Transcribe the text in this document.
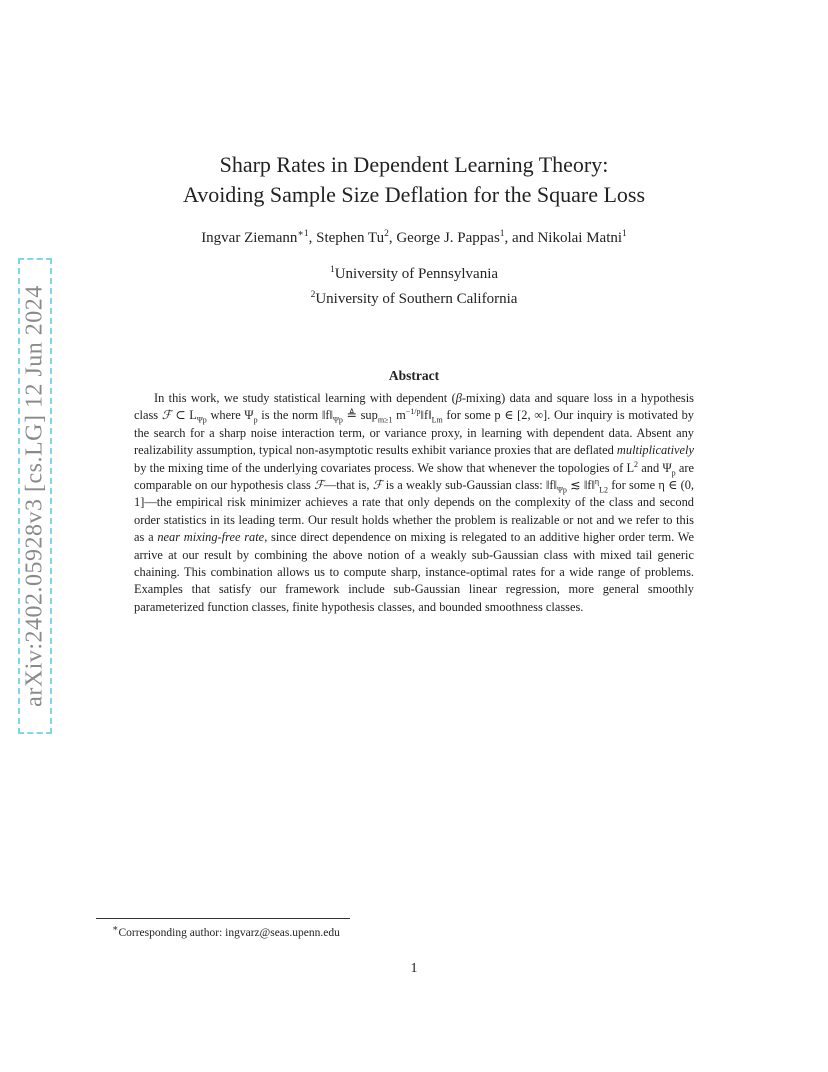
arXiv:2402.05928v3 [cs.LG] 12 Jun 2024
Sharp Rates in Dependent Learning Theory:
Avoiding Sample Size Deflation for the Square Loss
Ingvar Ziemann$^{∗1}$, Stephen Tu$^2$, George J. Pappas$^1$, and Nikolai Matni$^1$
$^1$University of Pennsylvania
$^2$University of Southern California
Abstract

In this work, we study statistical learning with dependent (β-mixing) data and square loss in a hypothesis class ℱ ⊂ $L_{\Psi p}$ where $\Psi_p$ is the norm $‖f‖_{\Psi p}$ ≜ sup$_{m\ge 1}$ $m^{-1/p}‖f‖_{Lm}$ for some p ∈ [2, ∞]. Our inquiry is motivated by the search for a sharp noise interaction term, or variance proxy, in learning with dependent data. Absent any realizability assumption, typical non-asymptotic results exhibit variance proxies that are deflated multiplicatively by the mixing time of the underlying covariates process. We show that whenever the topologies of $L^2$ and $\Psi_p$ are comparable on our hypothesis class ℱ—that is, ℱ is a weakly sub-Gaussian class: $‖f‖_{\Psi p}$ ≲ ‖f‖$^\eta_{L2}$ for some η ∈ (0, 1]—the empirical risk minimizer achieves a rate that only depends on the complexity of the class and second order statistics in its leading term. Our result holds whether the problem is realizable or not and we refer to this as a near mixing-free rate, since direct dependence on mixing is relegated to an additive higher order term. We arrive at our result by combining the above notion of a weakly sub-Gaussian class with mixed tail generic chaining. This combination allows us to compute sharp, instance-optimal rates for a wide range of problems. Examples that satisfy our framework include sub-Gaussian linear regression, more general smoothly parameterized function classes, finite hypothesis classes, and bounded smoothness classes.

∗Corresponding author: ingvarz@seas.upenn.edu
1
